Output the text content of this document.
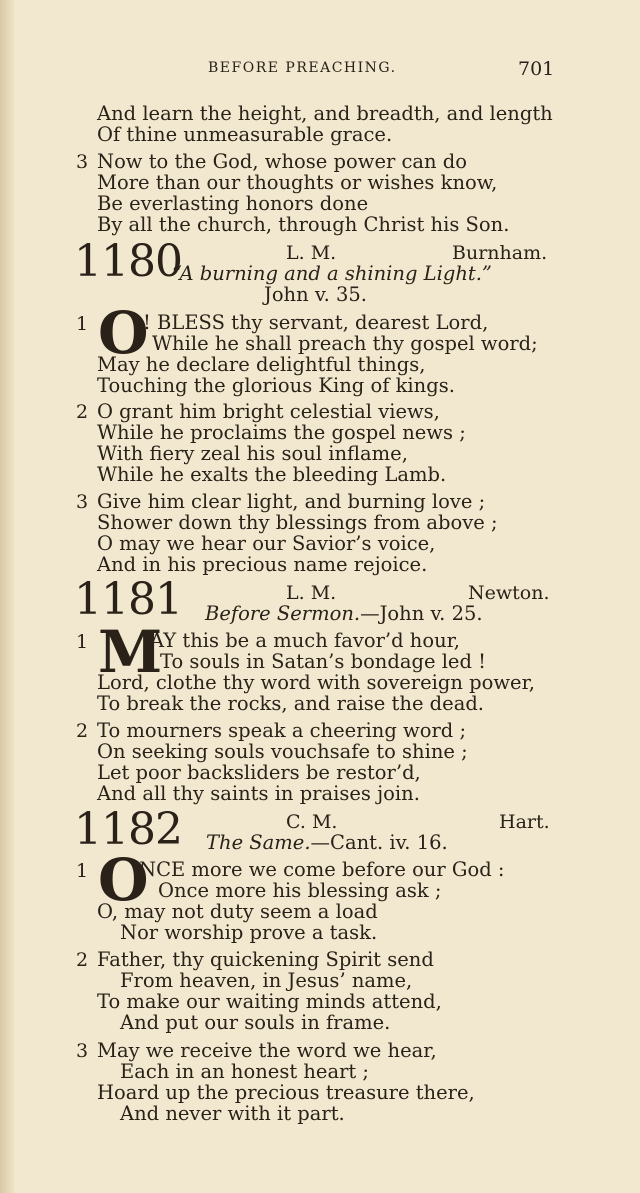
BEFORE PREACHING.	701
And learn the height, and breadth, and length
Of thine unmeasurable grace.
3 Now to the God, whose power can do
More than our thoughts or wishes know,
Be everlasting honors done
By all the church, through Christ his Son.
1180	L. M.	Burnham.
“A burning and a shining Light.”
John v. 35.
1 O
! BLESS thy servant, dearest Lord,
While he shall preach thy gospel word;
May he declare delightful things,
Touching the glorious King of kings.
2 O grant him bright celestial views,
While he proclaims the gospel news ;
With fiery zeal his soul inflame,
While he exalts the bleeding Lamb.
3 Give him clear light, and burning love ;
Shower down thy blessings from above ;
O may we hear our Savior’s voice,
And in his precious name rejoice.
1181	L. M.	Newton.
Before Sermon.—John v. 25.
1 M
AY this be a much favor’d hour,
To souls in Satan’s bondage led !
Lord, clothe thy word with sovereign power,
To break the rocks, and raise the dead.
2 To mourners speak a cheering word ;
On seeking souls vouchsafe to shine ;
Let poor backsliders be restor’d,
And all thy saints in praises join.
1182	C. M.	Hart.
The Same.—Cant. iv. 16.
1 O
NCE more we come before our God :
Once more his blessing ask ;
O, may not duty seem a load
Nor worship prove a task.
2 Father, thy quickening Spirit send
From heaven, in Jesus’ name,
To make our waiting minds attend,
And put our souls in frame.
3 May we receive the word we hear,
Each in an honest heart ;
Hoard up the precious treasure there,
And never with it part.
